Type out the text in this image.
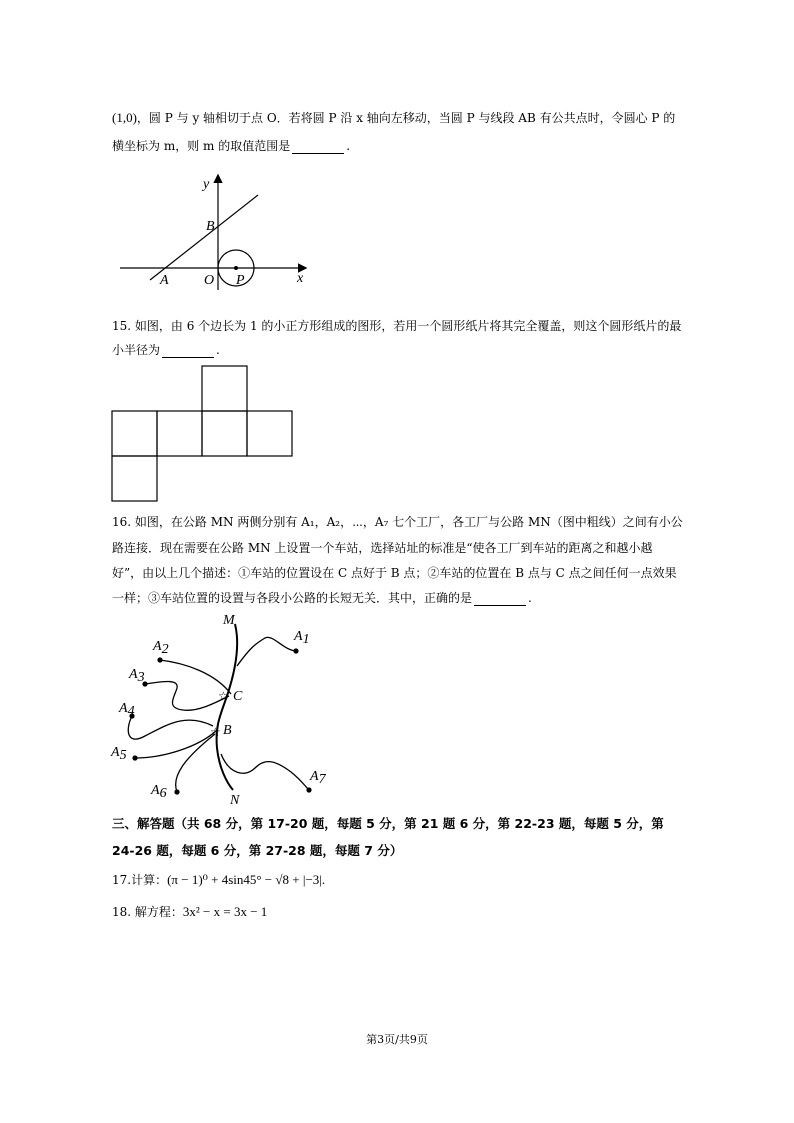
(1,0)，圆 P 与 y 轴相切于点 O．若将圆 P 沿 x 轴向左移动，当圆 P 与线段 AB 有公共点时，令圆心 P 的
横坐标为 m，则 m 的取值范围是	.
y
x
B
A	O P
15. 如图，由 6 个边长为 1 的小正方形组成的图形，若用一个圆形纸片将其完全覆盖，则这个圆形纸片的最
小半径为	.
16. 如图，在公路 MN 两侧分别有 A₁，A₂，⋯，A₇ 七个工厂，各工厂与公路 MN（图中粗线）之间有小公
路连接．现在需要在公路 MN 上设置一个车站，选择站址的标准是“使各工厂到车站的距离之和越小越
好”，由以上几个描述：①车站的位置设在 C 点好于 B 点；②车站的位置在 B 点与 C 点之间任何一点效果
一样；③车站位置的设置与各段小公路的长短无关．其中，正确的是	.
☆
☆
C
B
M
N
A1
A2
A3
A4
A5
A6
A7
三、解答题（共 68 分，第 17-20 题，每题 5 分，第 21 题 6 分，第 22-23 题，每题 5 分，第
24-26 题，每题 6 分，第 27-28 题，每题 7 分）
17.计算：(π − 1)⁰ + 4sin45° − √8 + |−3|.
18. 解方程：3x² − x = 3x − 1
第3页/共9页
